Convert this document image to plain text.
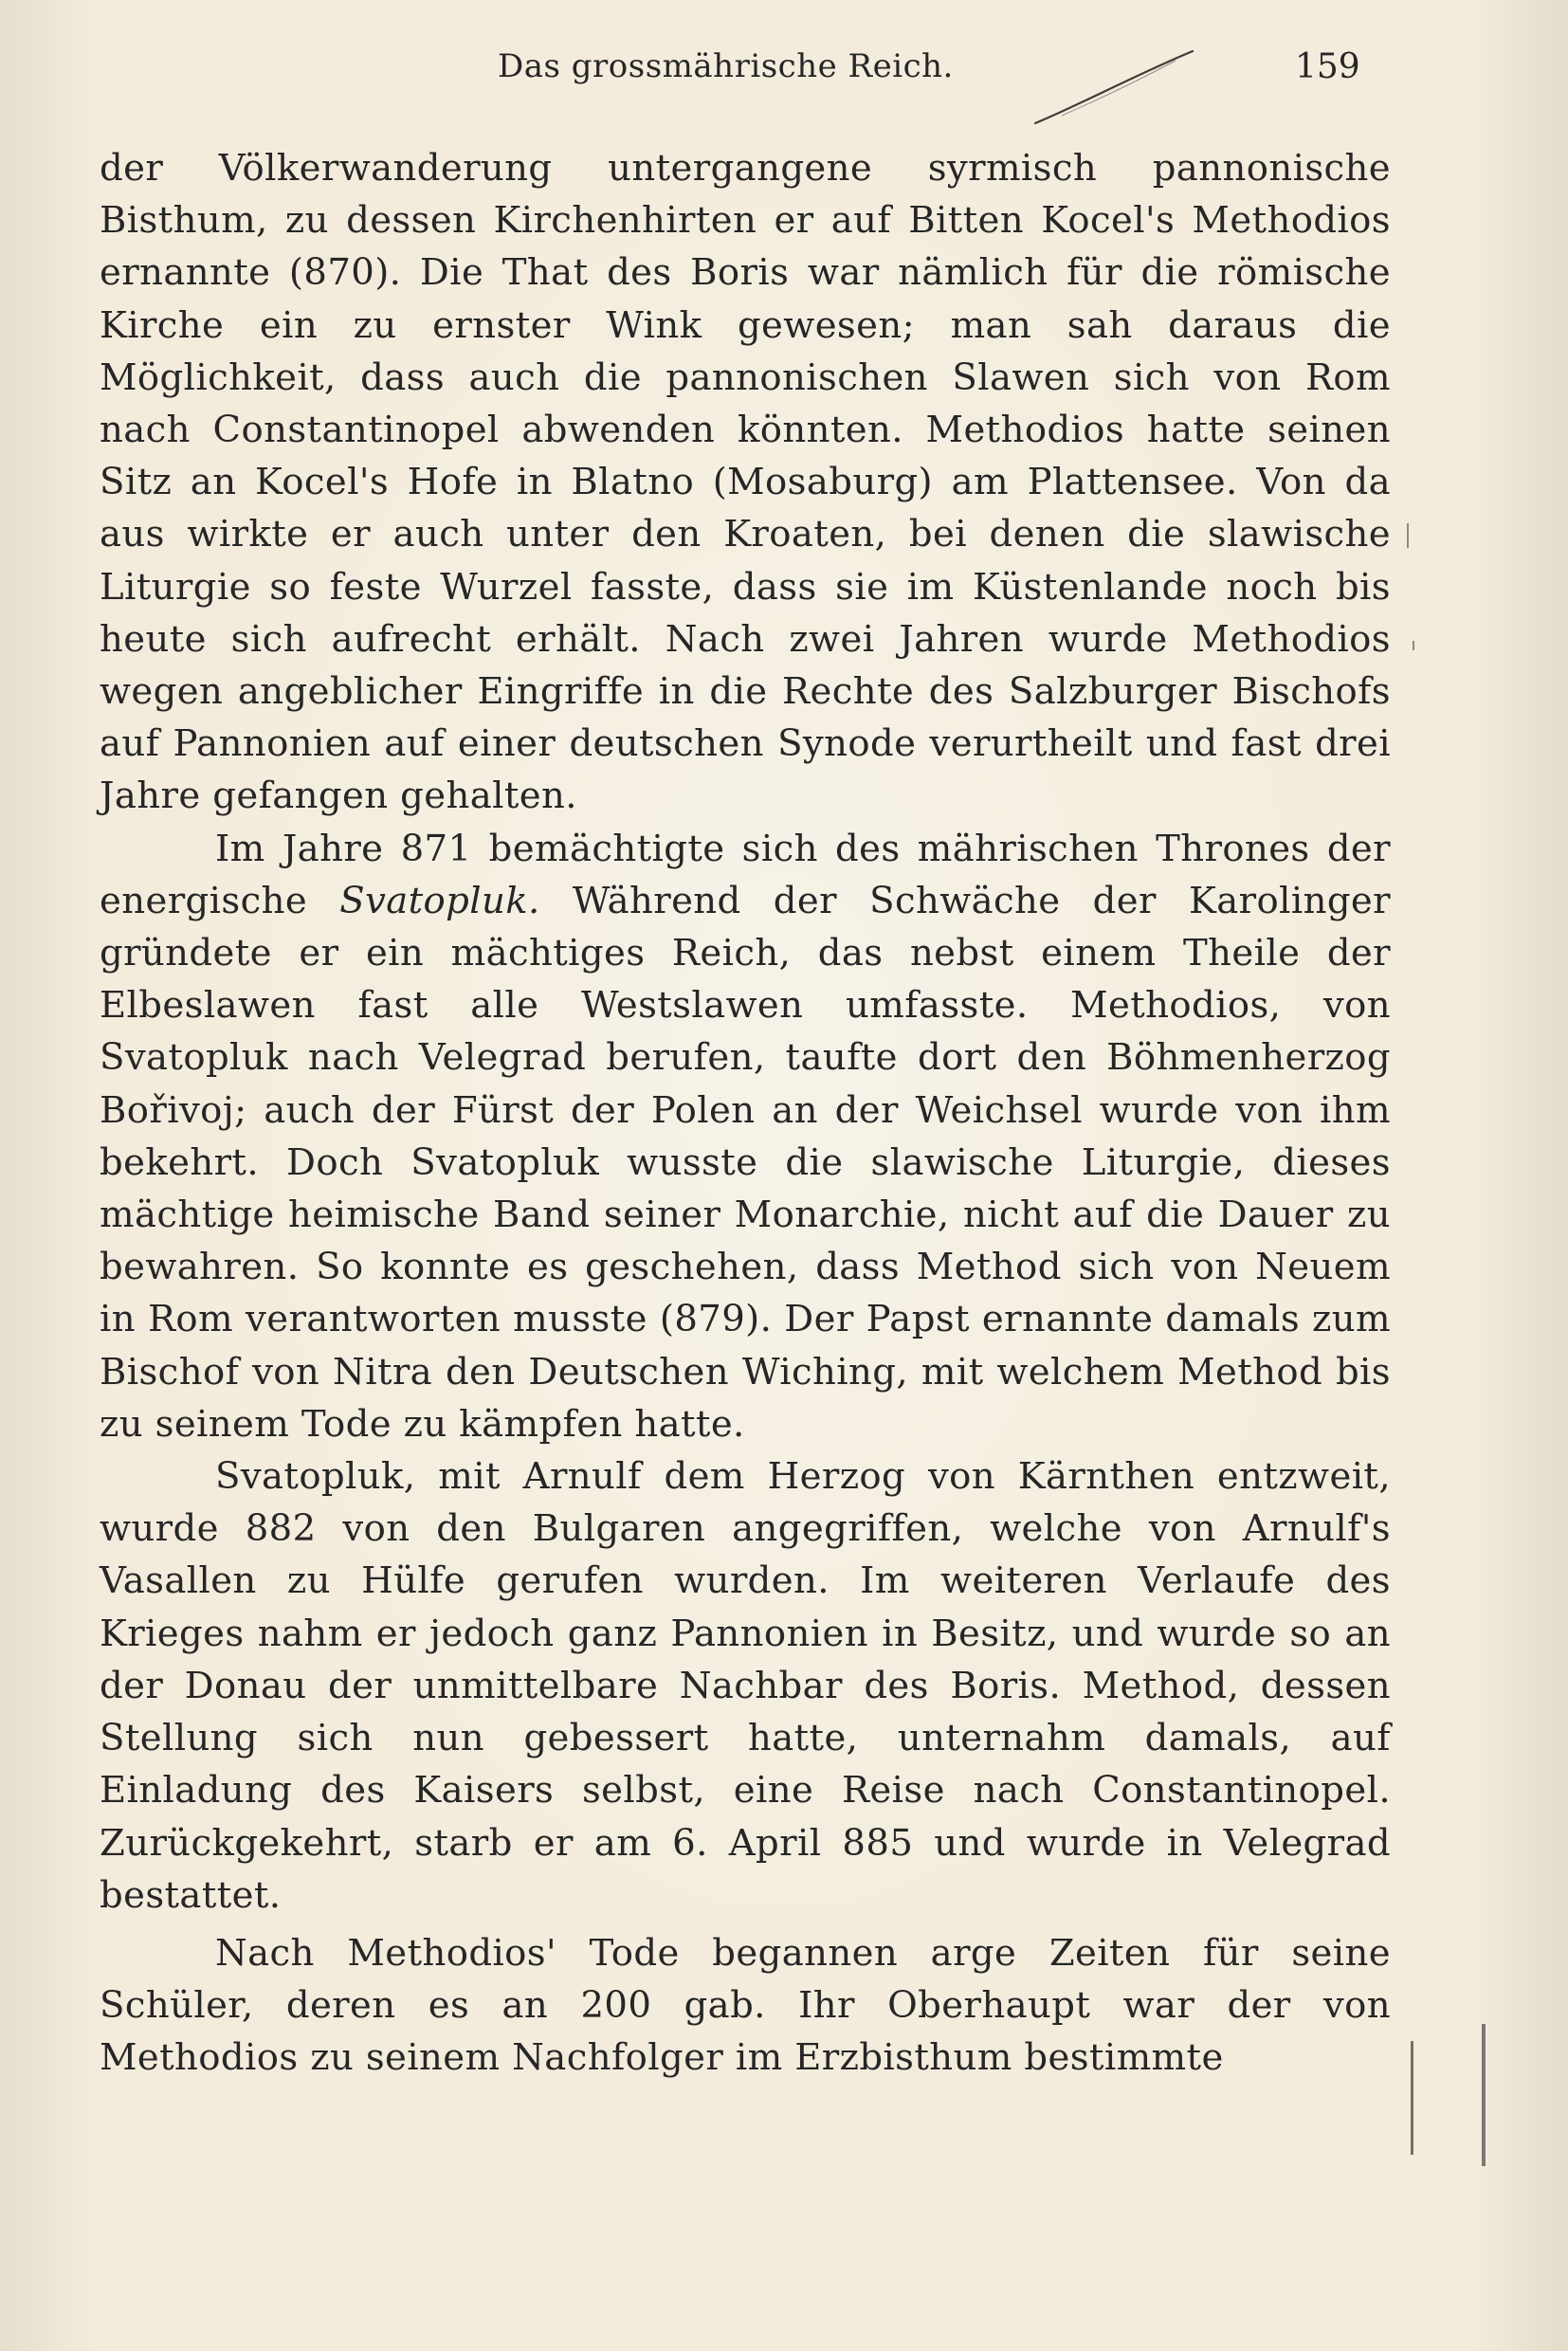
Das grossmährische Reich.	159

der Völkerwanderung untergangene syrmisch pannonische Bisthum, zu dessen Kirchenhirten er auf Bitten Kocel's Methodios ernannte (870). Die That des Boris war nämlich für die römische Kirche ein zu ernster Wink gewesen; man sah daraus die Möglichkeit, dass auch die pannonischen Slawen sich von Rom nach Constantinopel abwenden könnten. Methodios hatte seinen Sitz an Kocel's Hofe in Blatno (Mosaburg) am Plattensee. Von da aus wirkte er auch unter den Kroaten, bei denen die slawische Liturgie so feste Wurzel fasste, dass sie im Küstenlande noch bis heute sich aufrecht erhält. Nach zwei Jahren wurde Methodios wegen angeblicher Eingriffe in die Rechte des Salzburger Bischofs auf Pannonien auf einer deutschen Synode verurtheilt und fast drei Jahre gefangen gehalten.

Im Jahre 871 bemächtigte sich des mährischen Thrones der energische Svatopluk. Während der Schwäche der Karolinger gründete er ein mächtiges Reich, das nebst einem Theile der Elbeslawen fast alle Westslawen umfasste. Methodios, von Svatopluk nach Velegrad berufen, taufte dort den Böhmenherzog Bořivoj; auch der Fürst der Polen an der Weichsel wurde von ihm bekehrt. Doch Svatopluk wusste die slawische Liturgie, dieses mächtige heimische Band seiner Monarchie, nicht auf die Dauer zu bewahren. So konnte es geschehen, dass Method sich von Neuem in Rom verantworten musste (879). Der Papst ernannte damals zum Bischof von Nitra den Deutschen Wiching, mit welchem Method bis zu seinem Tode zu kämpfen hatte.

Svatopluk, mit Arnulf dem Herzog von Kärnthen entzweit, wurde 882 von den Bulgaren angegriffen, welche von Arnulf's Vasallen zu Hülfe gerufen wurden. Im weiteren Verlaufe des Krieges nahm er jedoch ganz Pannonien in Besitz, und wurde so an der Donau der unmittelbare Nachbar des Boris. Method, dessen Stellung sich nun gebessert hatte, unternahm damals, auf Einladung des Kaisers selbst, eine Reise nach Constantinopel. Zurückgekehrt, starb er am 6. April 885 und wurde in Velegrad bestattet.

Nach Methodios' Tode begannen arge Zeiten für seine Schüler, deren es an 200 gab. Ihr Oberhaupt war der von Methodios zu seinem Nachfolger im Erzbisthum bestimmte
